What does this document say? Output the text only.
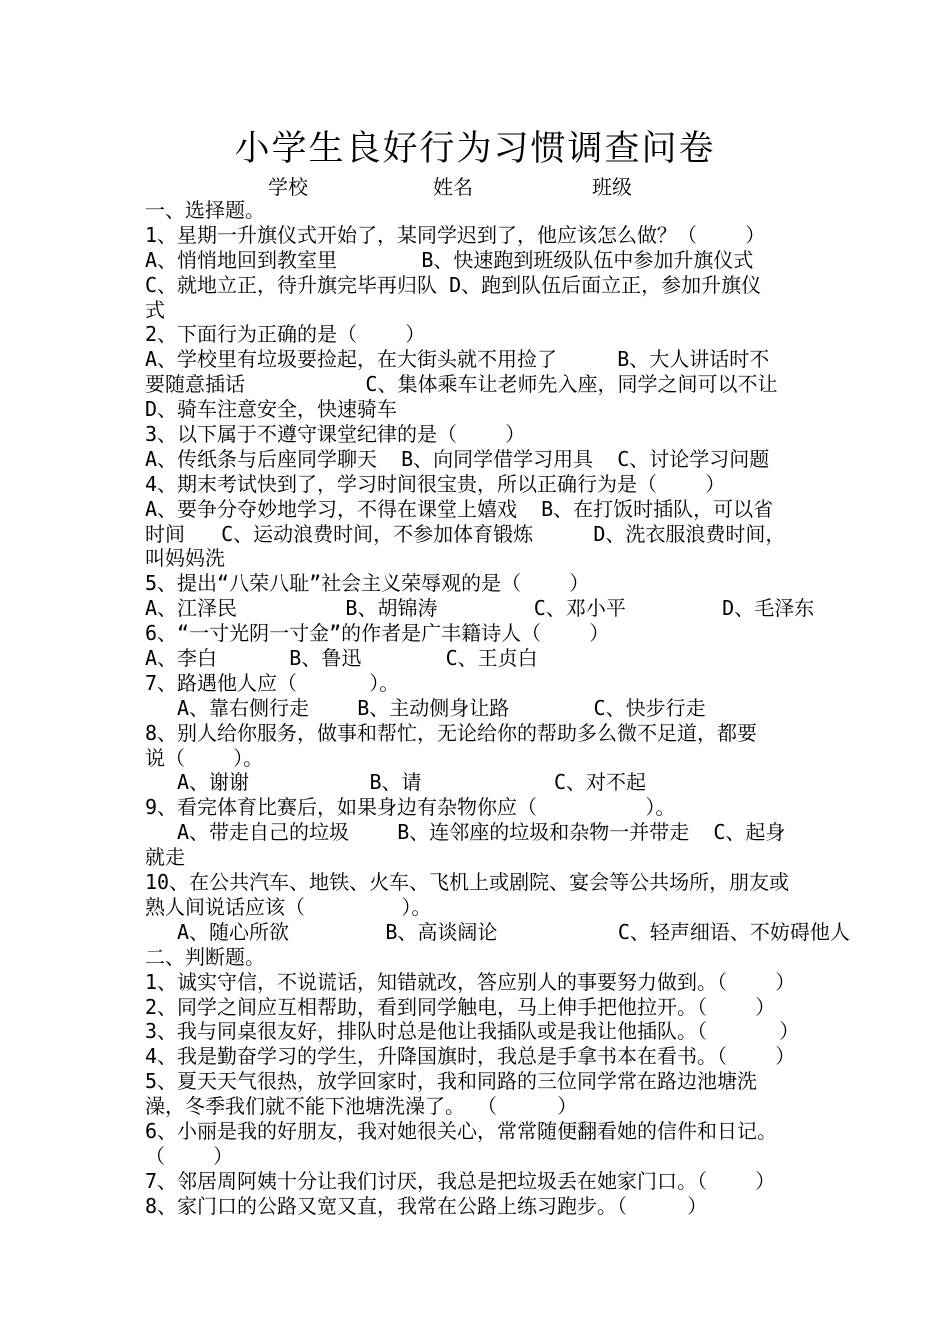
小学生良好行为习惯调查问卷
学校	姓名	班级
一、选择题。
1、星期一升旗仪式开始了，某同学迟到了，他应该怎么做？（    ）
A、悄悄地回到教室里       B、快速跑到班级队伍中参加升旗仪式
C、就地立正，待升旗完毕再归队 D、跑到队伍后面立正，参加升旗仪
式
2、下面行为正确的是（    ）
A、学校里有垃圾要捡起，在大街头就不用捡了     B、大人讲话时不
要随意插话          C、集体乘车让老师先入座，同学之间可以不让
D、骑车注意安全，快速骑车
3、以下属于不遵守课堂纪律的是（    ）
A、传纸条与后座同学聊天  B、向同学借学习用具  C、讨论学习问题
4、期末考试快到了，学习时间很宝贵，所以正确行为是（    ）
A、要争分夺妙地学习，不得在课堂上嬉戏  B、在打饭时插队，可以省
时间   C、运动浪费时间，不参加体育锻炼     D、洗衣服浪费时间，
叫妈妈洗
5、提出“八荣八耻”社会主义荣辱观的是（    ）
A、江泽民         B、胡锦涛        C、邓小平        D、毛泽东
6、“一寸光阴一寸金”的作者是广丰籍诗人（    ）
A、李白      B、鲁迅       C、王贞白
7、路遇他人应（      ）。
A、靠右侧行走    B、主动侧身让路       C、快步行走
8、别人给你服务，做事和帮忙，无论给你的帮助多么微不足道，都要
说（    ）。
A、谢谢          B、请           C、对不起
9、看完体育比赛后，如果身边有杂物你应（         ）。
A、带走自己的垃圾    B、连邻座的垃圾和杂物一并带走  C、起身
就走
10、在公共汽车、地铁、火车、飞机上或剧院、宴会等公共场所，朋友或
熟人间说话应该（        ）。
A、随心所欲        B、高谈阔论          C、轻声细语、不妨碍他人
二、判断题。
1、诚实守信，不说谎话，知错就改，答应别人的事要努力做到。（    ）
2、同学之间应互相帮助，看到同学触电，马上伸手把他拉开。（    ）
3、我与同桌很友好，排队时总是他让我插队或是我让他插队。（      ）
4、我是勤奋学习的学生，升降国旗时，我总是手拿书本在看书。（    ）
5、夏天天气很热，放学回家时，我和同路的三位同学常在路边池塘洗
澡，冬季我们就不能下池塘洗澡了。 （     ）
6、小丽是我的好朋友，我对她很关心，常常随便翻看她的信件和日记。
（    ）
7、邻居周阿姨十分让我们讨厌，我总是把垃圾丢在她家门口。（    ）
8、家门口的公路又宽又直，我常在公路上练习跑步。（     ）
